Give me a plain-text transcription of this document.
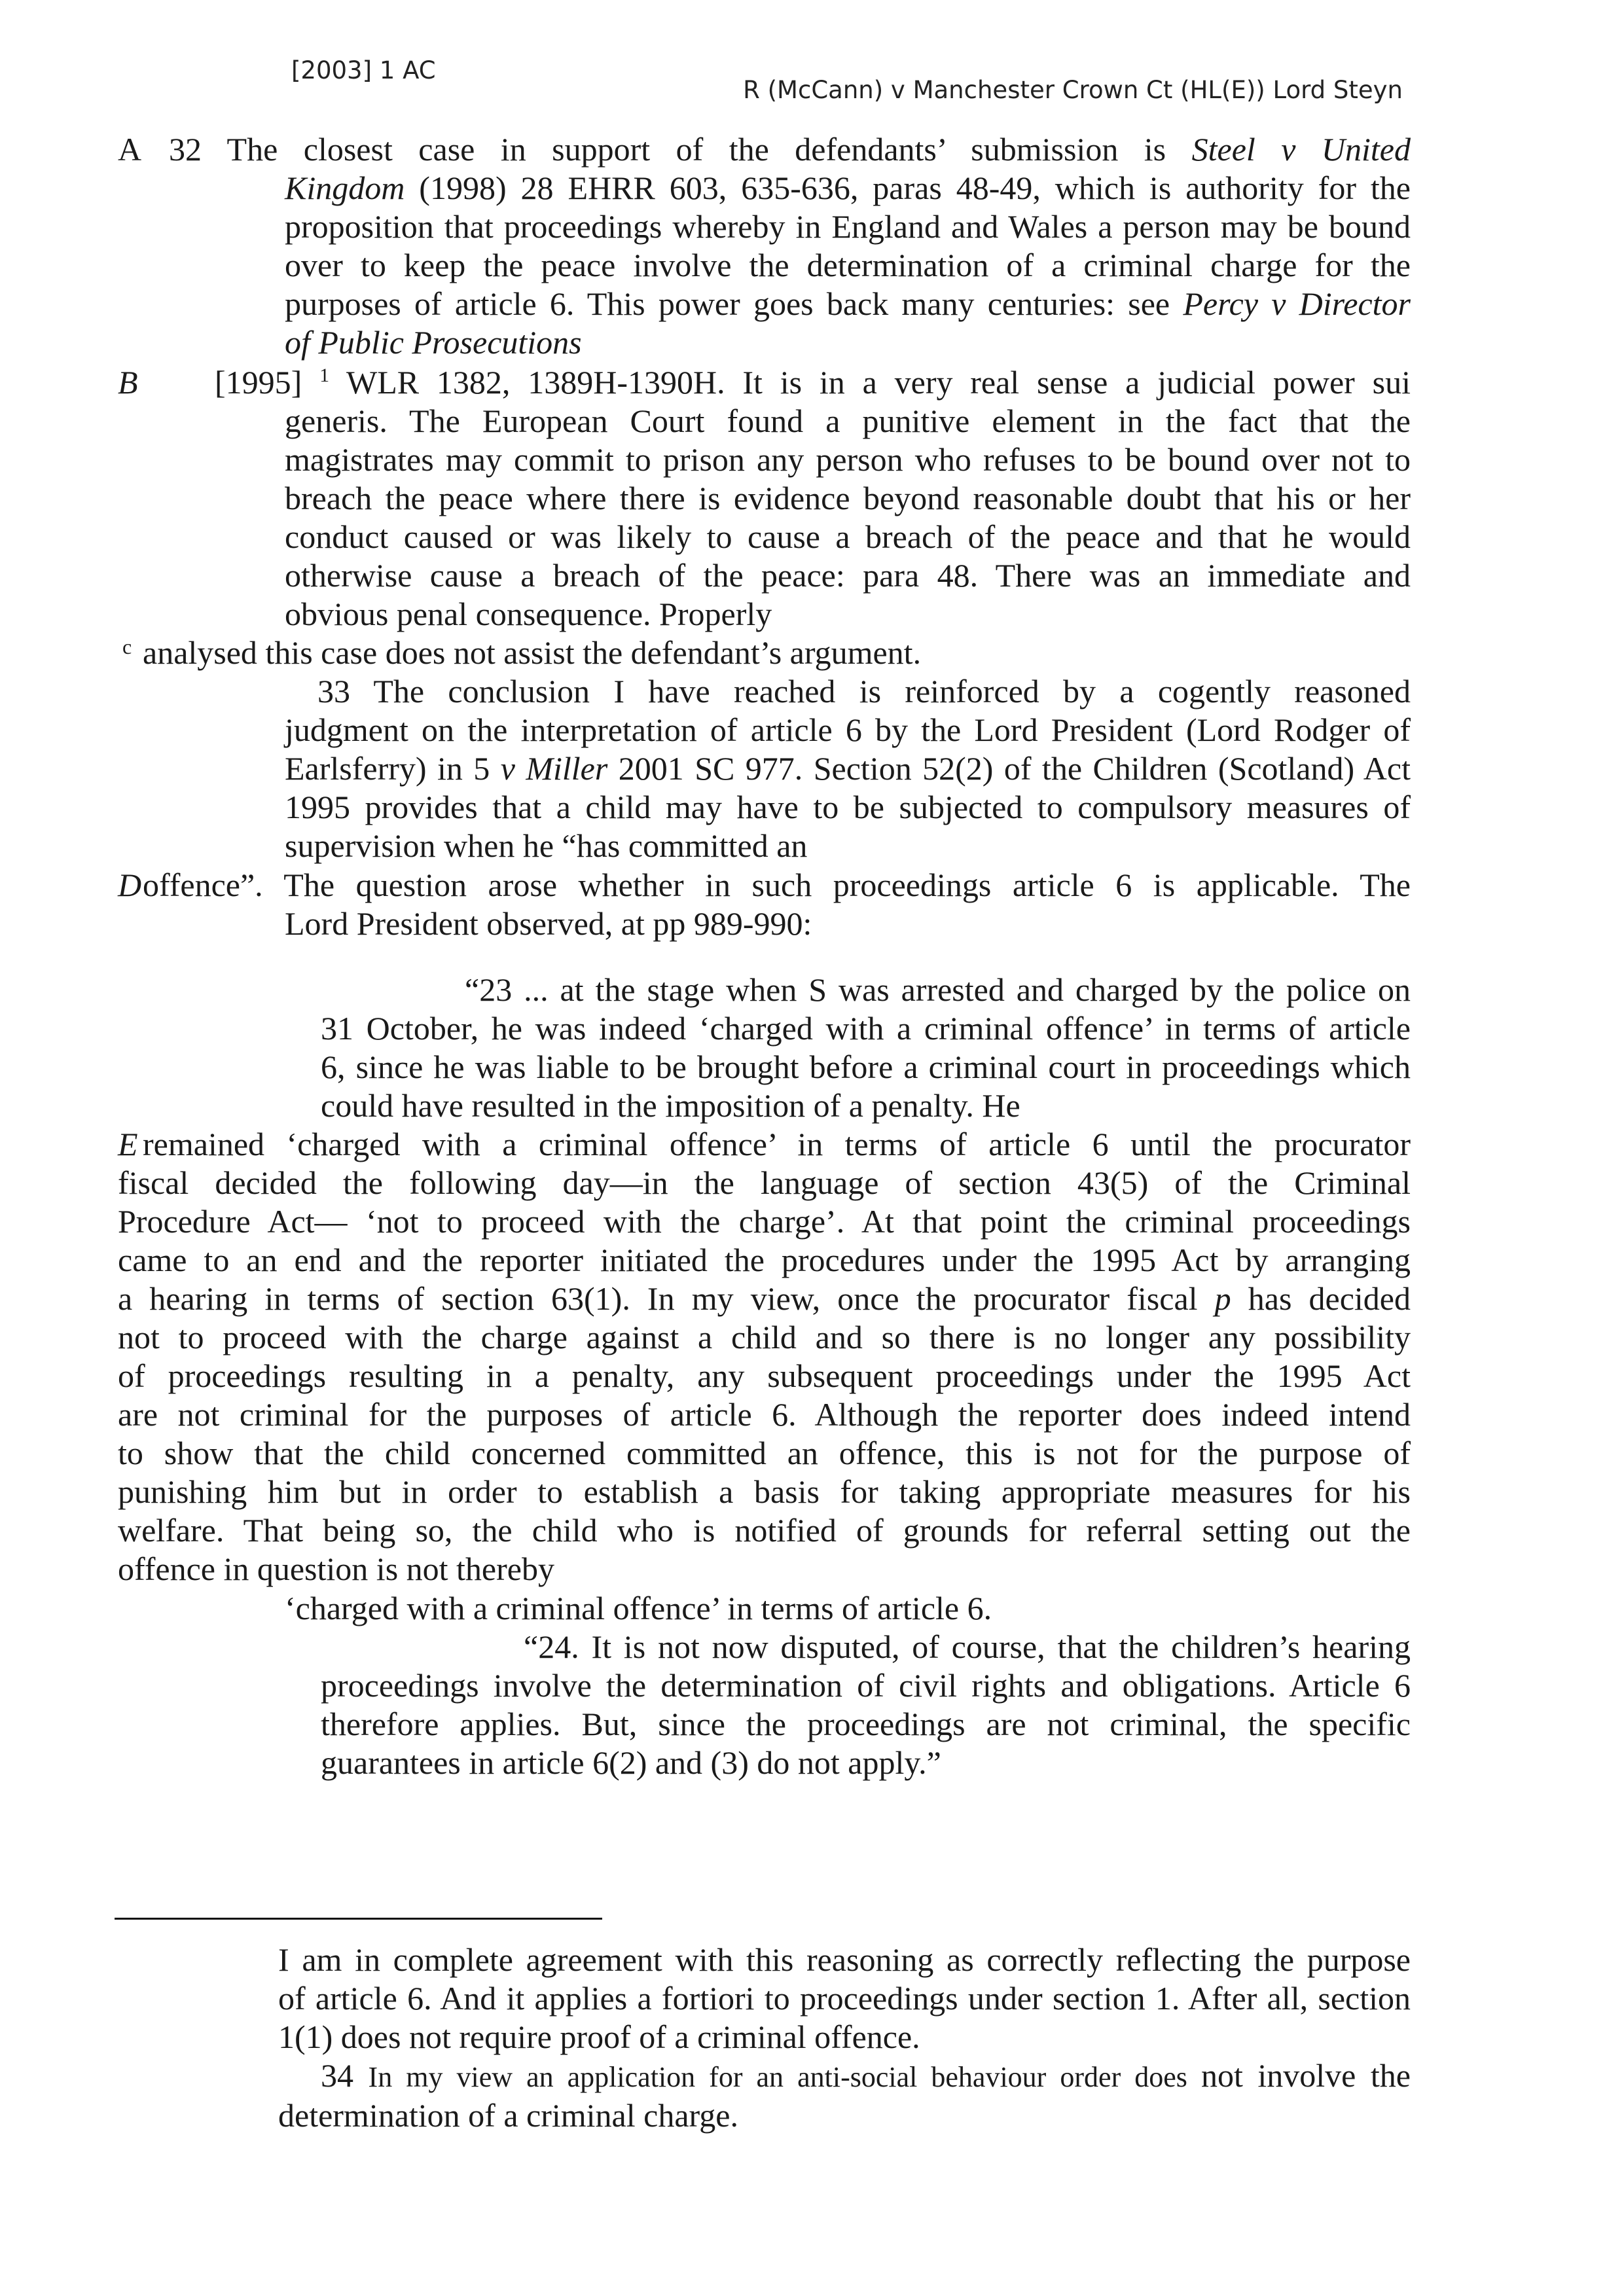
[2003] 1 AC
R (McCann) v Manchester Crown Ct (HL(E)) Lord Steyn
A 32 The closest case in support of the defendants’ submission is Steel v United
Kingdom (1998) 28 EHRR 603, 635-636, paras 48-49, which is authority for the
proposition that proceedings whereby in England and Wales a person may be bound
over to keep the peace involve the determination of a criminal charge for the
purposes of article 6. This power goes back many centuries: see Percy v Director
of Public Prosecutions
B [1995] $^1$ WLR 1382, 1389H-1390H. It is in a very real sense a judicial power sui
generis. The European Court found a punitive element in the fact that the
magistrates may commit to prison any person who refuses to be bound over not to
breach the peace where there is evidence beyond reasonable doubt that his or her
conduct caused or was likely to cause a breach of the peace and that he would
otherwise cause a breach of the peace: para 48. There was an immediate and
obvious penal consequence. Properly
c analysed this case does not assist the defendant’s argument.
33 The conclusion I have reached is reinforced by a cogently reasoned
judgment on the interpretation of article 6 by the Lord President (Lord Rodger of
Earlsferry) in 5 v Miller 2001 SC 977. Section 52(2) of the Children (Scotland) Act
1995 provides that a child may have to be subjected to compulsory measures of
supervision when he “has committed an
D offence”. The question arose whether in such proceedings article 6 is applicable. The
Lord President observed, at pp 989-990:
“23 ... at the stage when S was arrested and charged by the police on
31 October, he was indeed ‘charged with a criminal offence’ in terms of article
6, since he was liable to be brought before a criminal court in proceedings which
could have resulted in the imposition of a penalty. He
E remained ‘charged with a criminal offence’ in terms of article 6 until the procurator
fiscal decided the following day—in the language of section 43(5) of the Criminal
Procedure Act— ‘not to proceed with the charge’. At that point the criminal proceedings
came to an end and the reporter initiated the procedures under the 1995 Act by arranging
a hearing in terms of section 63(1). In my view, once the procurator fiscal p has decided
not to proceed with the charge against a child and so there is no longer any possibility
of proceedings resulting in a penalty, any subsequent proceedings under the 1995 Act
are not criminal for the purposes of article 6. Although the reporter does indeed intend
to show that the child concerned committed an offence, this is not for the purpose of
punishing him but in order to establish a basis for taking appropriate measures for his
welfare. That being so, the child who is notified of grounds for referral setting out the
offence in question is not thereby
‘charged with a criminal offence’ in terms of article 6.
“24. It is not now disputed, of course, that the children’s hearing
proceedings involve the determination of civil rights and obligations. Article 6
therefore applies. But, since the proceedings are not criminal, the specific
guarantees in article 6(2) and (3) do not apply.”
I am in complete agreement with this reasoning as correctly reflecting the purpose
of article 6. And it applies a fortiori to proceedings under section 1. After all, section
1(1) does not require proof of a criminal offence.
34 In my view an application for an anti-social behaviour order does not involve the
determination of a criminal charge.
